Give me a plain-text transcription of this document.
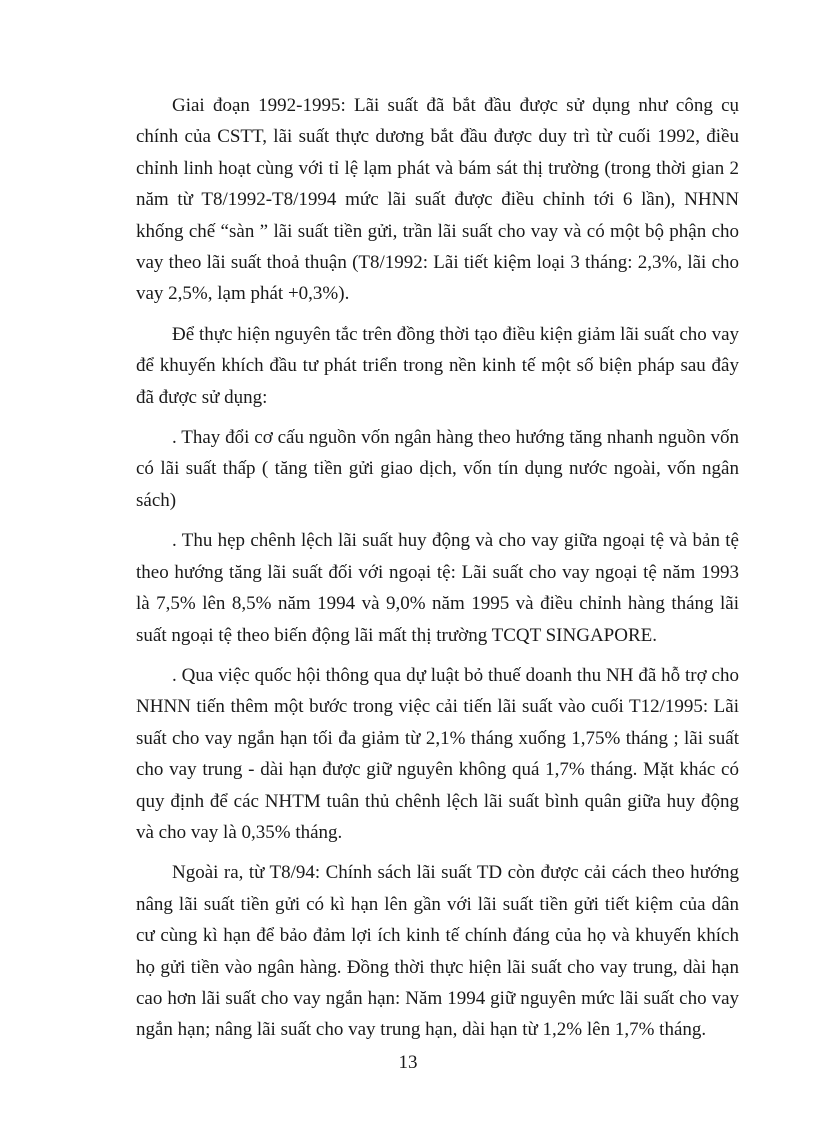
Giai đoạn 1992-1995: Lãi suất đã bắt đầu được sử dụng như công cụ chính của CSTT, lãi suất thực dương bắt đầu được duy trì từ cuối 1992, điều chỉnh linh hoạt cùng với tỉ lệ lạm phát và bám sát thị trường (trong thời gian 2 năm từ T8/1992-T8/1994 mức lãi suất được điều chỉnh tới 6 lần), NHNN khống chế “sàn ” lãi suất tiền gửi, trần lãi suất cho vay và có một bộ phận cho vay theo lãi suất thoả thuận (T8/1992: Lãi tiết kiệm loại 3 tháng: 2,3%, lãi cho vay 2,5%, lạm phát +0,3%).

Để thực hiện nguyên tắc trên đồng thời tạo điều kiện giảm lãi suất cho vay để khuyến khích đầu tư phát triển trong nền kinh tế một số biện pháp sau đây đã được sử dụng:

. Thay đổi cơ cấu nguồn vốn ngân hàng theo hướng tăng nhanh nguồn vốn có lãi suất thấp ( tăng tiền gửi giao dịch, vốn tín dụng nước ngoài, vốn ngân sách)

. Thu hẹp chênh lệch lãi suất huy động và cho vay giữa ngoại tệ và bản tệ theo hướng tăng lãi suất đối với ngoại tệ: Lãi suất cho vay ngoại tệ năm 1993 là 7,5% lên 8,5% năm 1994 và 9,0% năm 1995 và điều chỉnh hàng tháng lãi suất ngoại tệ theo biến động lãi mất thị trường TCQT SINGAPORE.

. Qua việc quốc hội thông qua dự luật bỏ thuế doanh thu NH đã hỗ trợ cho NHNN tiến thêm một bước trong việc cải tiến lãi suất vào cuối T12/1995: Lãi suất cho vay ngắn hạn tối đa giảm từ 2,1% tháng xuống 1,75% tháng ; lãi suất cho vay trung - dài hạn được giữ nguyên không quá 1,7% tháng. Mặt khác có quy định để các NHTM tuân thủ chênh lệch lãi suất bình quân giữa huy động và cho vay là 0,35% tháng.

Ngoài ra, từ T8/94: Chính sách lãi suất TD còn được cải cách theo hướng nâng lãi suất tiền gửi có kì hạn lên gần với lãi suất tiền gửi tiết kiệm của dân cư cùng kì hạn để bảo đảm lợi ích kinh tế chính đáng của họ và khuyến khích họ gửi tiền vào ngân hàng. Đồng thời thực hiện lãi suất cho vay trung, dài hạn cao hơn lãi suất cho vay ngắn hạn: Năm 1994 giữ nguyên mức lãi suất cho vay ngắn hạn; nâng lãi suất cho vay trung hạn, dài hạn từ 1,2% lên 1,7% tháng.

13
